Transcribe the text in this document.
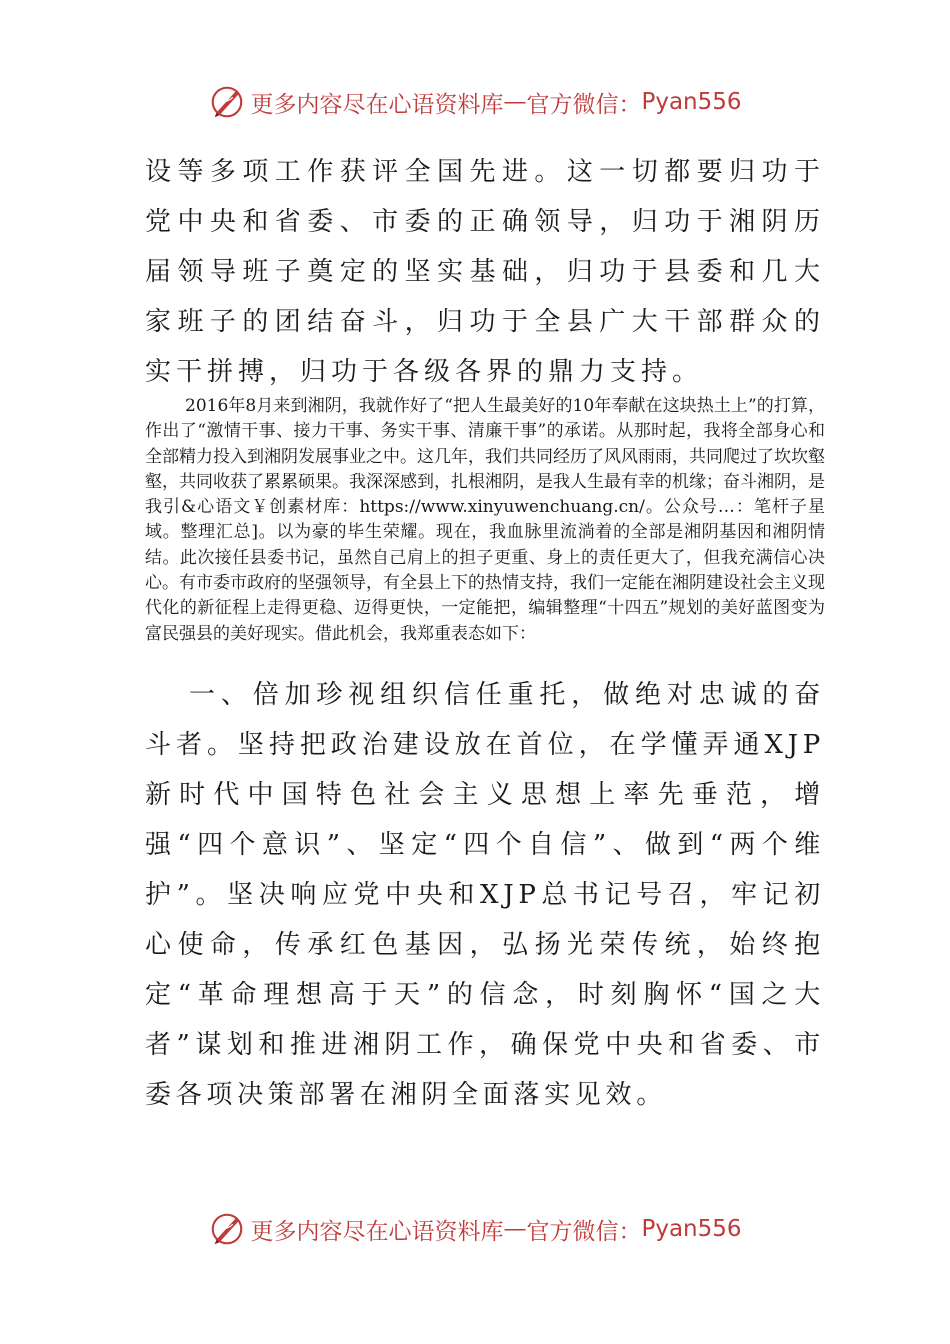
更多内容尽在心语资料库 — 官方微信： Pyan556

设等多项工作获评全国先进。这一切都要归功于党中央和省委、市委的正确领导，归功于湘阴历届领导班子奠定的坚实基础，归功于县委和几大家班子的团结奋斗，归功于全县广大干部群众的实干拼搏，归功于各级各界的鼎力支持。

2016年8月来到湘阴，我就作好了“把人生最美好的10年奉献在这块热土上”的打算，作出了“激情干事、接力干事、务实干事、清廉干事”的承诺。从那时起，我将全部身心和全部精力投入到湘阴发展事业之中。这几年，我们共同经历了风风雨雨，共同爬过了坎坎壑壑，共同收获了累累硕果。我深深感到，扎根湘阴，是我人生最有幸的机缘；奋斗湘阴，是我引&心语文￥创素材库：https://www.xinyuwenchuang.cn/。公众号…：笔杆子星域。整理汇总]。以为豪的毕生荣耀。现在，我血脉里流淌着的全部是湘阴基因和湘阴情结。此次接任县委书记，虽然自己肩上的担子更重、身上的责任更大了，但我充满信心决心。有市委市政府的坚强领导，有全县上下的热情支持，我们一定能在湘阴建设社会主义现代化的新征程上走得更稳、迈得更快，一定能把，编辑整理“十四五”规划的美好蓝图变为富民强县的美好现实。借此机会，我郑重表态如下：

一、倍加珍视组织信任重托，做绝对忠诚的奋斗者。坚持把政治建设放在首位，在学懂弄通XJP新时代中国特色社会主义思想上率先垂范，增强“四个意识”、坚定“四个自信”、做到“两个维护”。坚决响应党中央和XJP总书记号召，牢记初心使命，传承红色基因，弘扬光荣传统，始终抱定“革命理想高于天”的信念，时刻胸怀“国之大者”谋划和推进湘阴工作，确保党中央和省委、市委各项决策部署在湘阴全面落实见效。

更多内容尽在心语资料库 — 官方微信： Pyan556
